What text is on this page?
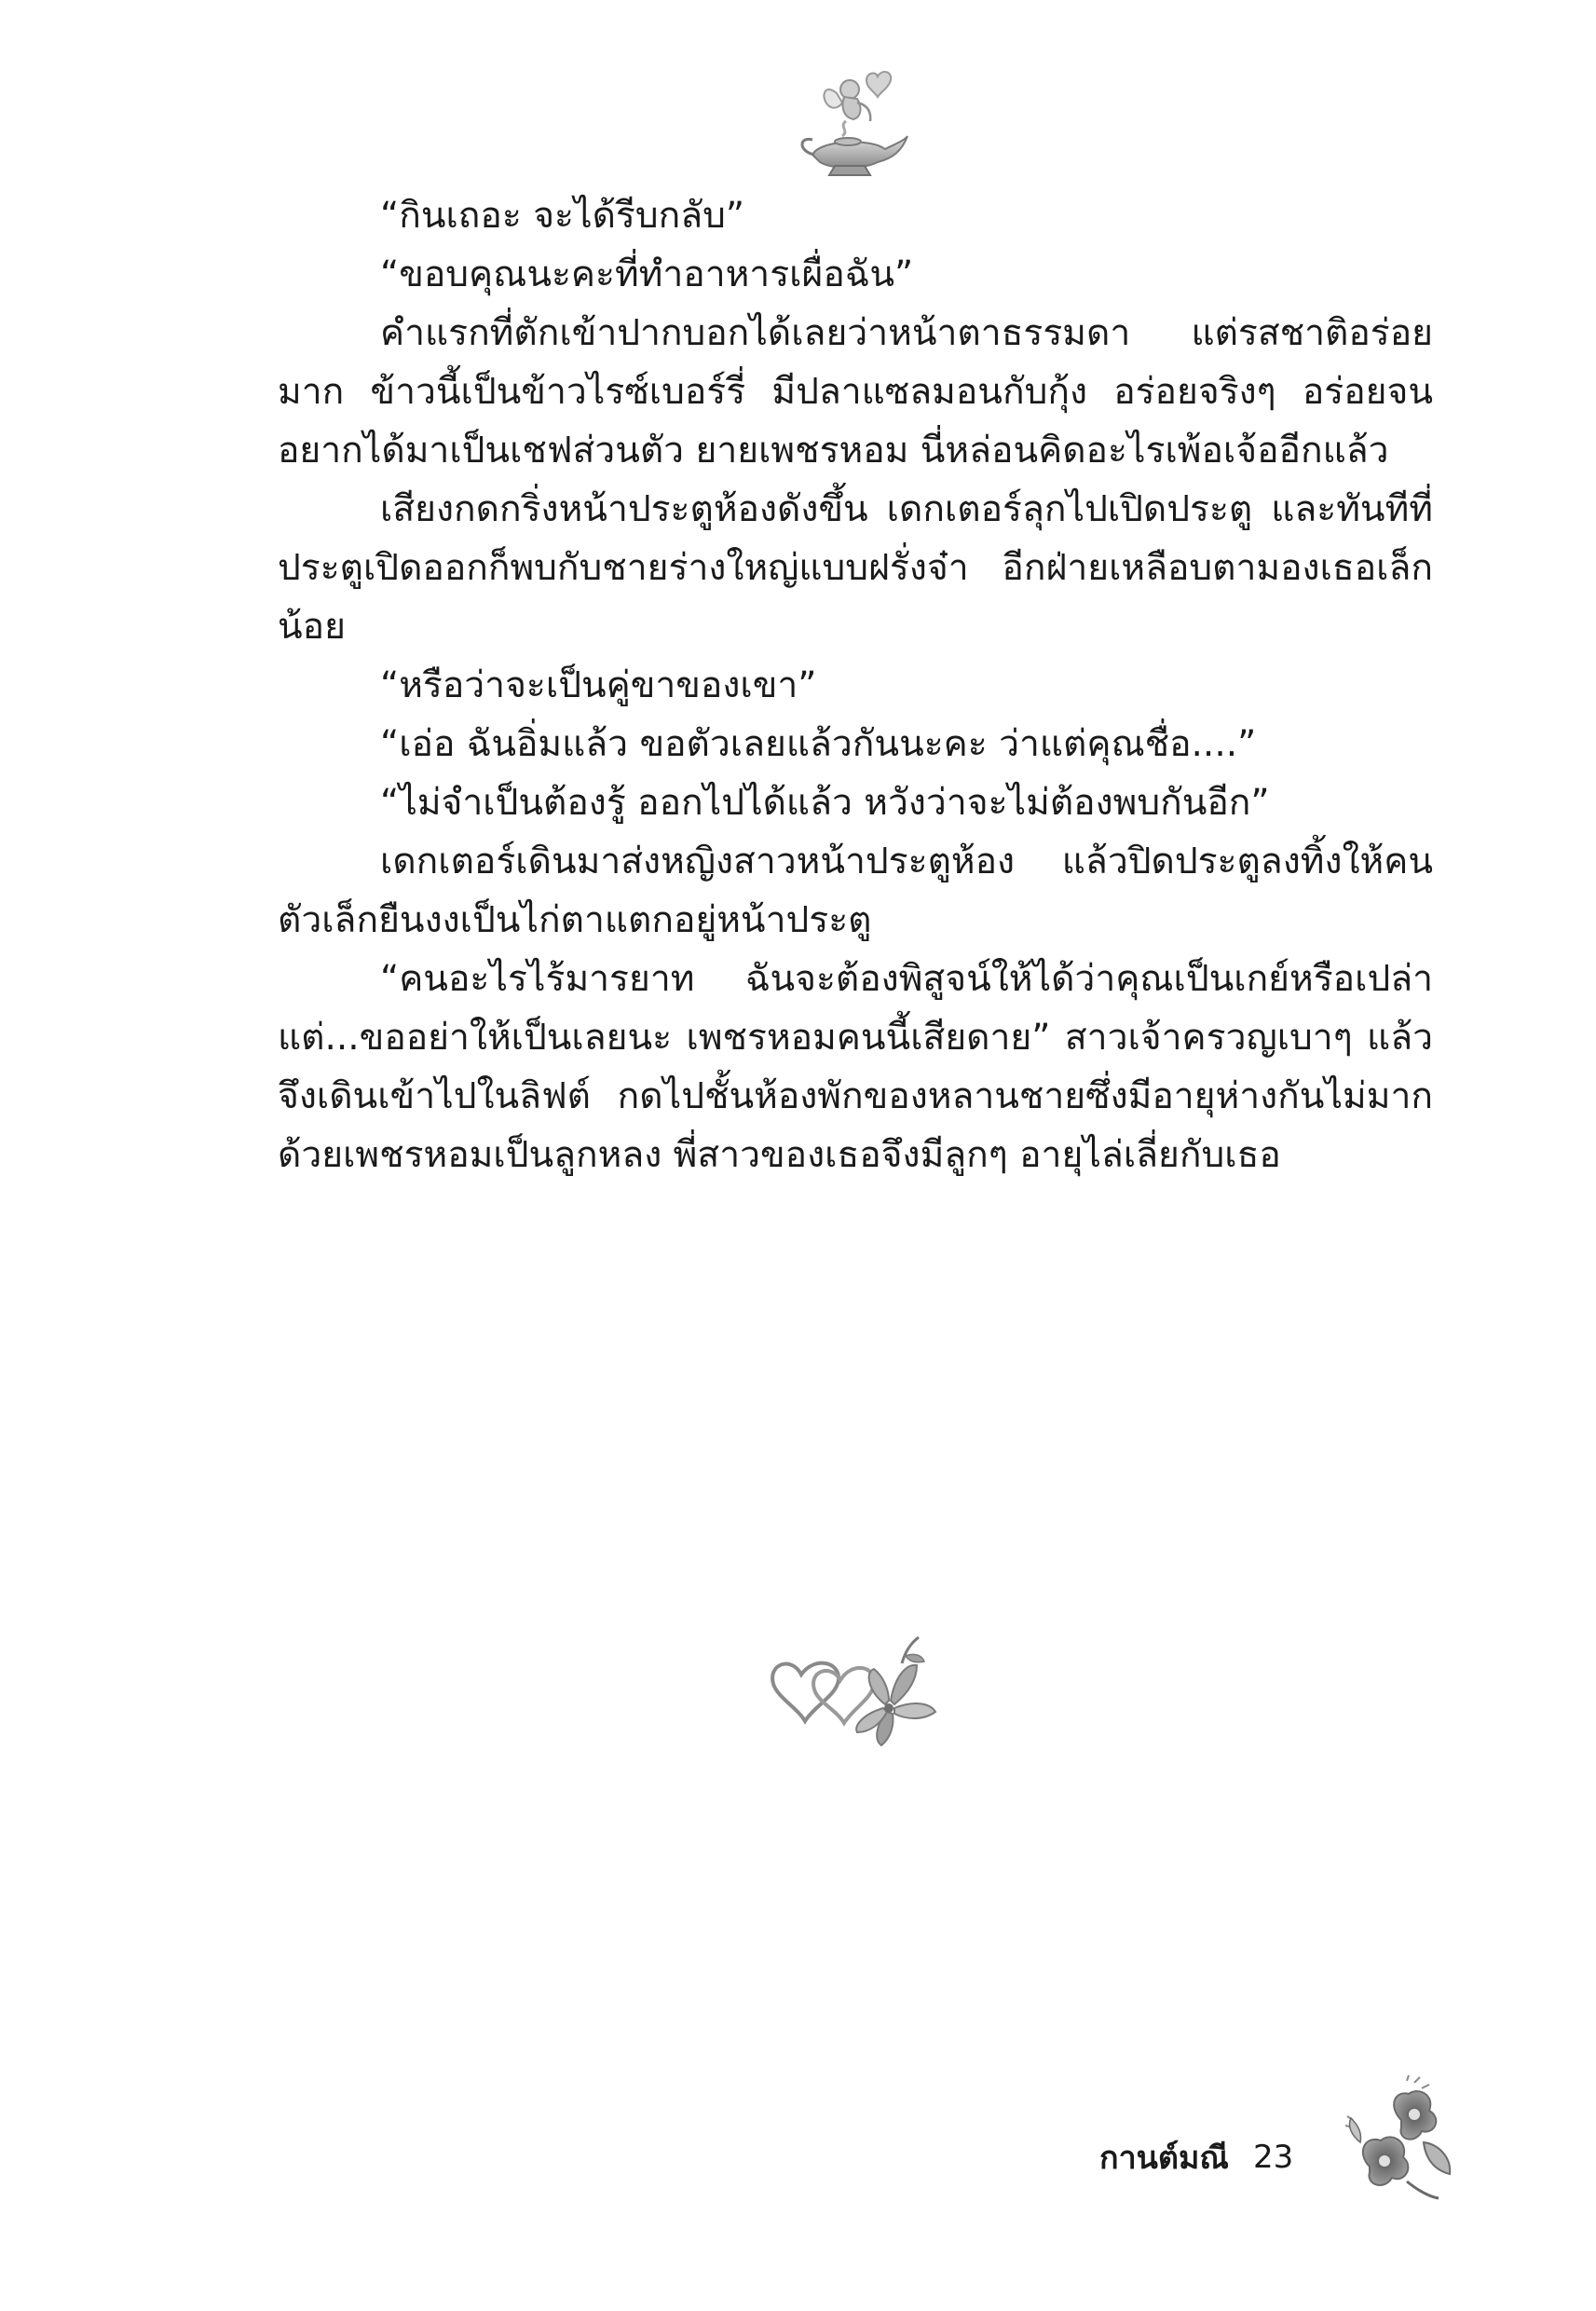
“กินเถอะ จะได้รีบกลับ”

“ขอบคุณนะคะที่ทำอาหารเผื่อฉัน”

คำแรกที่ตักเข้าปากบอกได้เลยว่าหน้าตาธรรมดา แต่รสชาติอร่อยมาก ข้าวนี้เป็นข้าวไรซ์เบอร์รี่ มีปลาแซลมอนกับกุ้ง อร่อยจริงๆ อร่อยจนอยากได้มาเป็นเชฟส่วนตัว ยายเพชรหอม นี่หล่อนคิดอะไรเพ้อเจ้ออีกแล้ว

เสียงกดกริ่งหน้าประตูห้องดังขึ้น เดกเตอร์ลุกไปเปิดประตู และทันทีที่ประตูเปิดออกก็พบกับชายร่างใหญ่แบบฝรั่งจ๋า อีกฝ่ายเหลือบตามองเธอเล็กน้อย

“หรือว่าจะเป็นคู่ขาของเขา”

“เอ่อ ฉันอิ่มแล้ว ขอตัวเลยแล้วกันนะคะ ว่าแต่คุณชื่อ....”

“ไม่จำเป็นต้องรู้ ออกไปได้แล้ว หวังว่าจะไม่ต้องพบกันอีก”

เดกเตอร์เดินมาส่งหญิงสาวหน้าประตูห้อง แล้วปิดประตูลงทิ้งให้คนตัวเล็กยืนงงเป็นไก่ตาแตกอยู่หน้าประตู

“คนอะไรไร้มารยาท ฉันจะต้องพิสูจน์ให้ได้ว่าคุณเป็นเกย์หรือเปล่า แต่...ขออย่าให้เป็นเลยนะ เพชรหอมคนนี้เสียดาย” สาวเจ้าครวญเบาๆ แล้วจึงเดินเข้าไปในลิฟต์ กดไปชั้นห้องพักของหลานชายซึ่งมีอายุห่างกันไม่มาก ด้วยเพชรหอมเป็นลูกหลง พี่สาวของเธอจึงมีลูกๆ อายุไล่เลี่ยกับเธอ

กานต์มณี 23
